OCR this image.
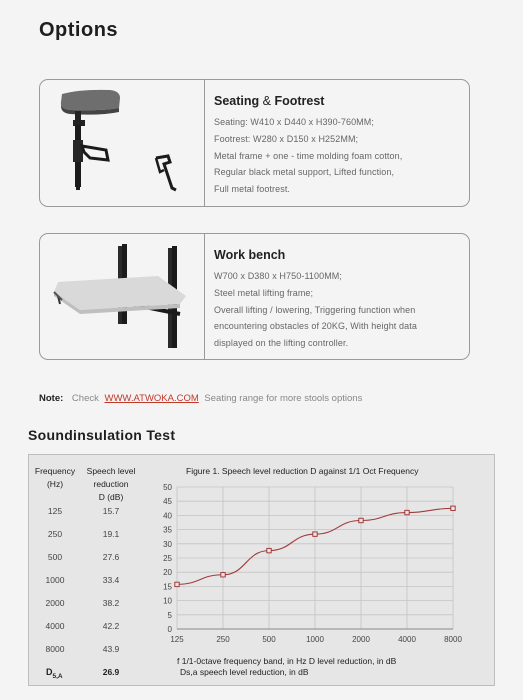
Options
Seating & Footrest
Seating: W410 x D440 x H390-760MM;
Footrest: W280 x D150 x H252MM;
Metal frame + one - time molding foam cotton,
Regular black metal support, Lifted function,
Full metal footrest.
Work bench
W700 x D380 x H750-1100MM;
Steel metal lifting frame;
Overall lifting / lowering, Triggering function when
encountering obstacles of 20KG, With height data
displayed on the lifting controller.
Note: Check WWW.ATWOKA.COM Seating range for more stools options
Soundinsulation Test
Frequency
(Hz)
Speech level
reduction
D (dB)
125	15.7
250	19.1
500	27.6
1000	33.4
2000	38.2
4000	42.2
8000	43.9
$D_{5,A}$	26.9
Figure 1. Speech level reduction D against 1/1 Oct Frequency
50
45
40
35
30
25
20
15
10
5
0
125	250	500	1000	2000	4000	8000
f 1/1-0ctave frequency band, in Hz D level reduction, in dB
Ds,a speech level reduction, in dB
